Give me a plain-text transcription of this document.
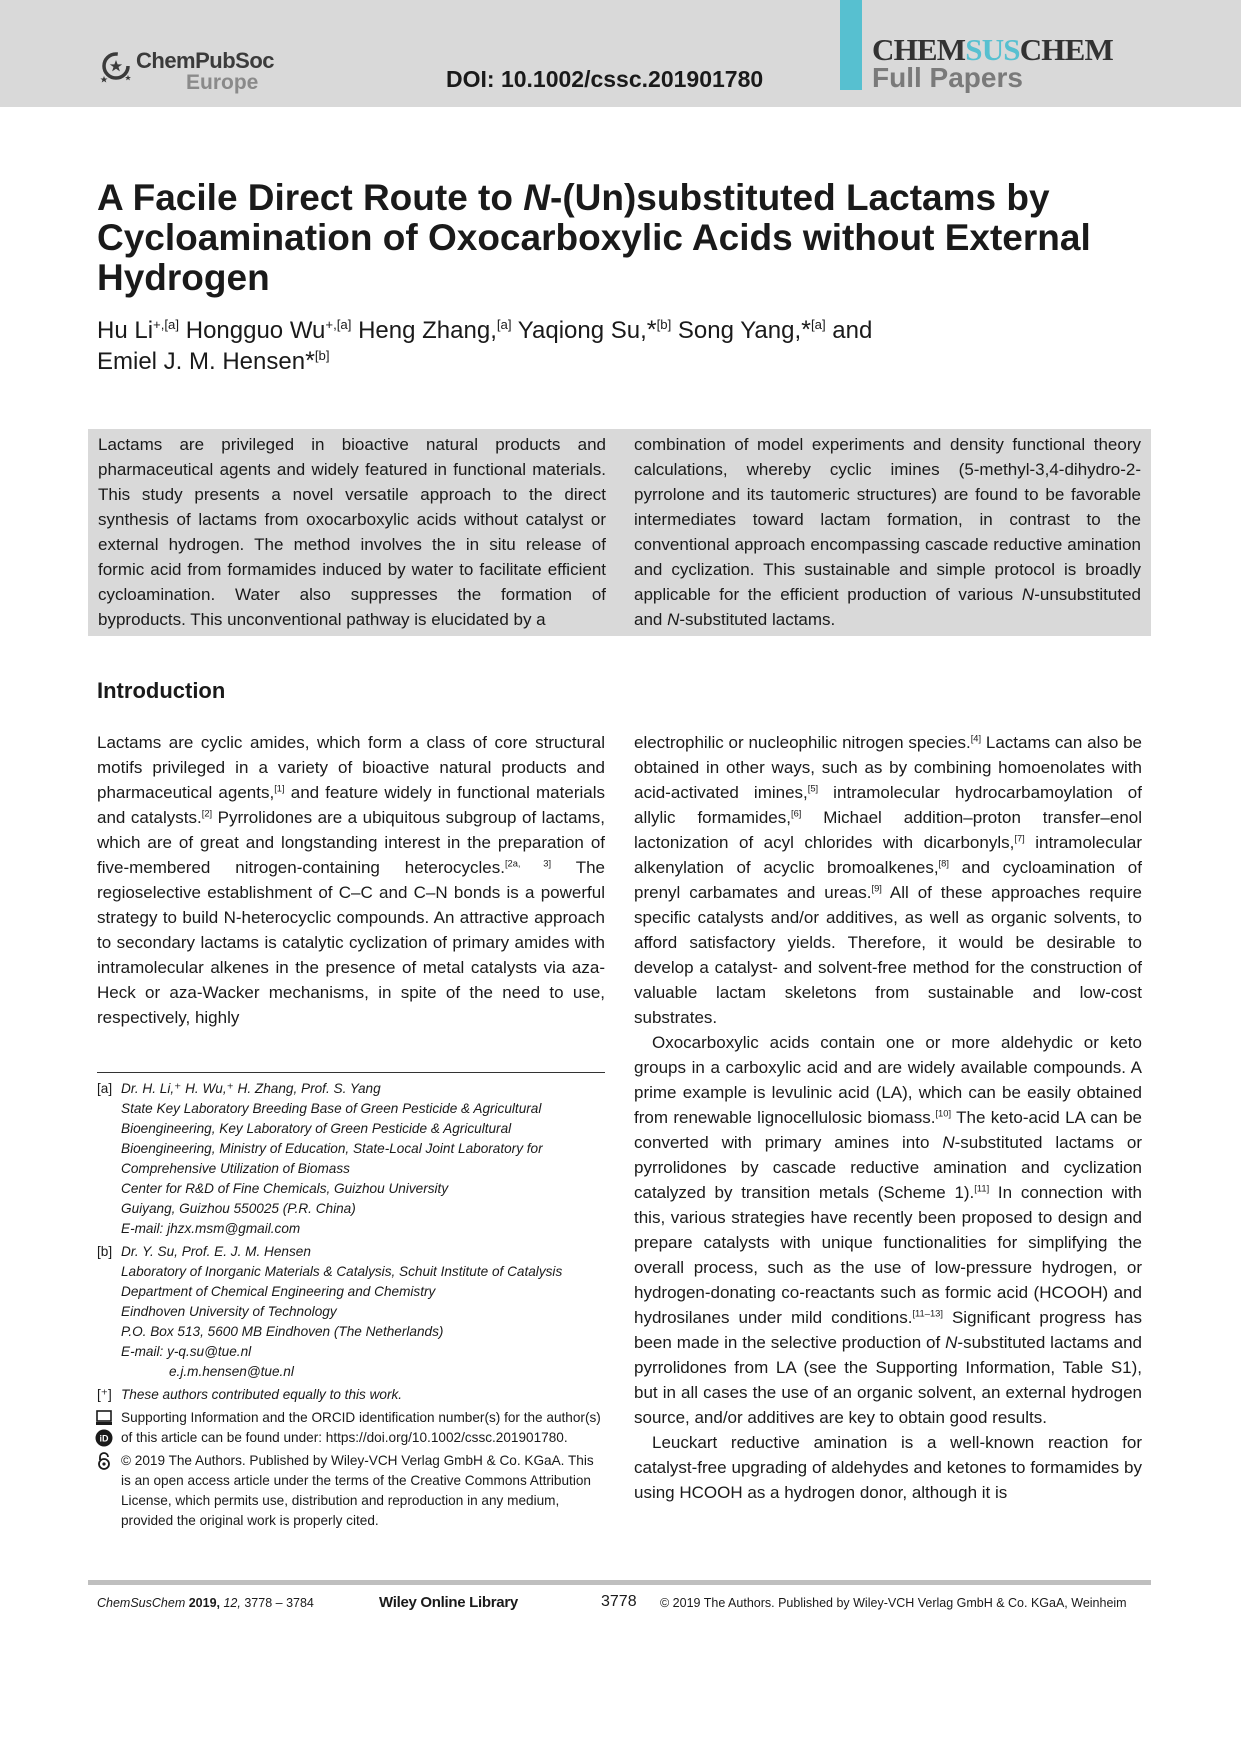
ChemPubSoc
Europe	DOI: 10.1002/cssc.201901780
CHEMSUSCHEM
Full Papers
A Facile Direct Route to N-(Un)substituted Lactams by Cycloamination of Oxocarboxylic Acids without External Hydrogen
Hu $Li^{+,[a]}$ Hongguo $Wu^{+,[a]}$ Heng Zhang,[a] Yaqiong Su,*[b] Song Yang,*[a] and
Emiel J. M. Hensen*[b]
Lactams are privileged in bioactive natural products and pharmaceutical agents and widely featured in functional materials. This study presents a novel versatile approach to the direct synthesis of lactams from oxocarboxylic acids without catalyst or external hydrogen. The method involves the in situ release of formic acid from formamides induced by water to facilitate efficient cycloamination. Water also suppresses the formation of byproducts. This unconventional pathway is elucidated by a
combination of model experiments and density functional theory calculations, whereby cyclic imines (5-methyl-3,4-dihydro-2-pyrrolone and its tautomeric structures) are found to be favorable intermediates toward lactam formation, in contrast to the conventional approach encompassing cascade reductive amination and cyclization. This sustainable and simple protocol is broadly applicable for the efficient production of various N-unsubstituted and N-substituted lactams.
Introduction

Lactams are cyclic amides, which form a class of core structural motifs privileged in a variety of bioactive natural products and pharmaceutical agents,[1] and feature widely in functional materials and catalysts.[2] Pyrrolidones are a ubiquitous subgroup of lactams, which are of great and longstanding interest in the preparation of five-membered nitrogen-containing heterocycles.[2a, 3] The regioselective establishment of C–C and C–N bonds is a powerful strategy to build N-heterocyclic compounds. An attractive approach to secondary lactams is catalytic cyclization of primary amides with intramolecular alkenes in the presence of metal catalysts via aza-Heck or aza-Wacker mechanisms, in spite of the need to use, respectively, highly

electrophilic or nucleophilic nitrogen species.[4] Lactams can also be obtained in other ways, such as by combining homoenolates with acid-activated imines,[5] intramolecular hydrocarbamoylation of allylic formamides,[6] Michael addition–proton transfer–enol lactonization of acyl chlorides with dicarbonyls,[7] intramolecular alkenylation of acyclic bromoalkenes,[8] and cycloamination of prenyl carbamates and ureas.[9] All of these approaches require specific catalysts and/or additives, as well as organic solvents, to afford satisfactory yields. Therefore, it would be desirable to develop a catalyst- and solvent-free method for the construction of valuable lactam skeletons from sustainable and low-cost substrates.

Oxocarboxylic acids contain one or more aldehydic or keto groups in a carboxylic acid and are widely available compounds. A prime example is levulinic acid (LA), which can be easily obtained from renewable lignocellulosic biomass.[10] The keto-acid LA can be converted with primary amines into N-substituted lactams or pyrrolidones by cascade reductive amination and cyclization catalyzed by transition metals (Scheme 1).[11] In connection with this, various strategies have recently been proposed to design and prepare catalysts with unique functionalities for simplifying the overall process, such as the use of low-pressure hydrogen, or hydrogen-donating co-reactants such as formic acid (HCOOH) and hydrosilanes under mild conditions.[11–13] Significant progress has been made in the selective production of N-substituted lactams and pyrrolidones from LA (see the Supporting Information, Table S1), but in all cases the use of an organic solvent, an external hydrogen source, and/or additives are key to obtain good results.

Leuckart reductive amination is a well-known reaction for catalyst-free upgrading of aldehydes and ketones to formamides by using HCOOH as a hydrogen donor, although it is

[a] Dr. H. Li,⁺ H. Wu,⁺ H. Zhang, Prof. S. Yang
State Key Laboratory Breeding Base of Green Pesticide & Agricultural Bioengineering, Key Laboratory of Green Pesticide & Agricultural Bioengineering, Ministry of Education, State-Local Joint Laboratory for Comprehensive Utilization of Biomass
Center for R&D of Fine Chemicals, Guizhou University
Guiyang, Guizhou 550025 (P.R. China)
E-mail: jhzx.msm@gmail.com
[b] Dr. Y. Su, Prof. E. J. M. Hensen
Laboratory of Inorganic Materials & Catalysis, Schuit Institute of Catalysis
Department of Chemical Engineering and Chemistry
Eindhoven University of Technology
P.O. Box 513, 5600 MB Eindhoven (The Netherlands)
E-mail: y-q.su@tue.nl
e.j.m.hensen@tue.nl
[⁺] These authors contributed equally to this work.
iD
Supporting Information and the ORCID identification number(s) for the author(s) of this article can be found under: https://doi.org/10.1002/cssc.201901780.
© 2019 The Authors. Published by Wiley-VCH Verlag GmbH & Co. KGaA. This is an open access article under the terms of the Creative Commons Attribution License, which permits use, distribution and reproduction in any medium, provided the original work is properly cited.
ChemSusChem 2019, 12, 3778 – 3784	Wiley Online Library	3778 © 2019 The Authors. Published by Wiley-VCH Verlag GmbH & Co. KGaA, Weinheim
